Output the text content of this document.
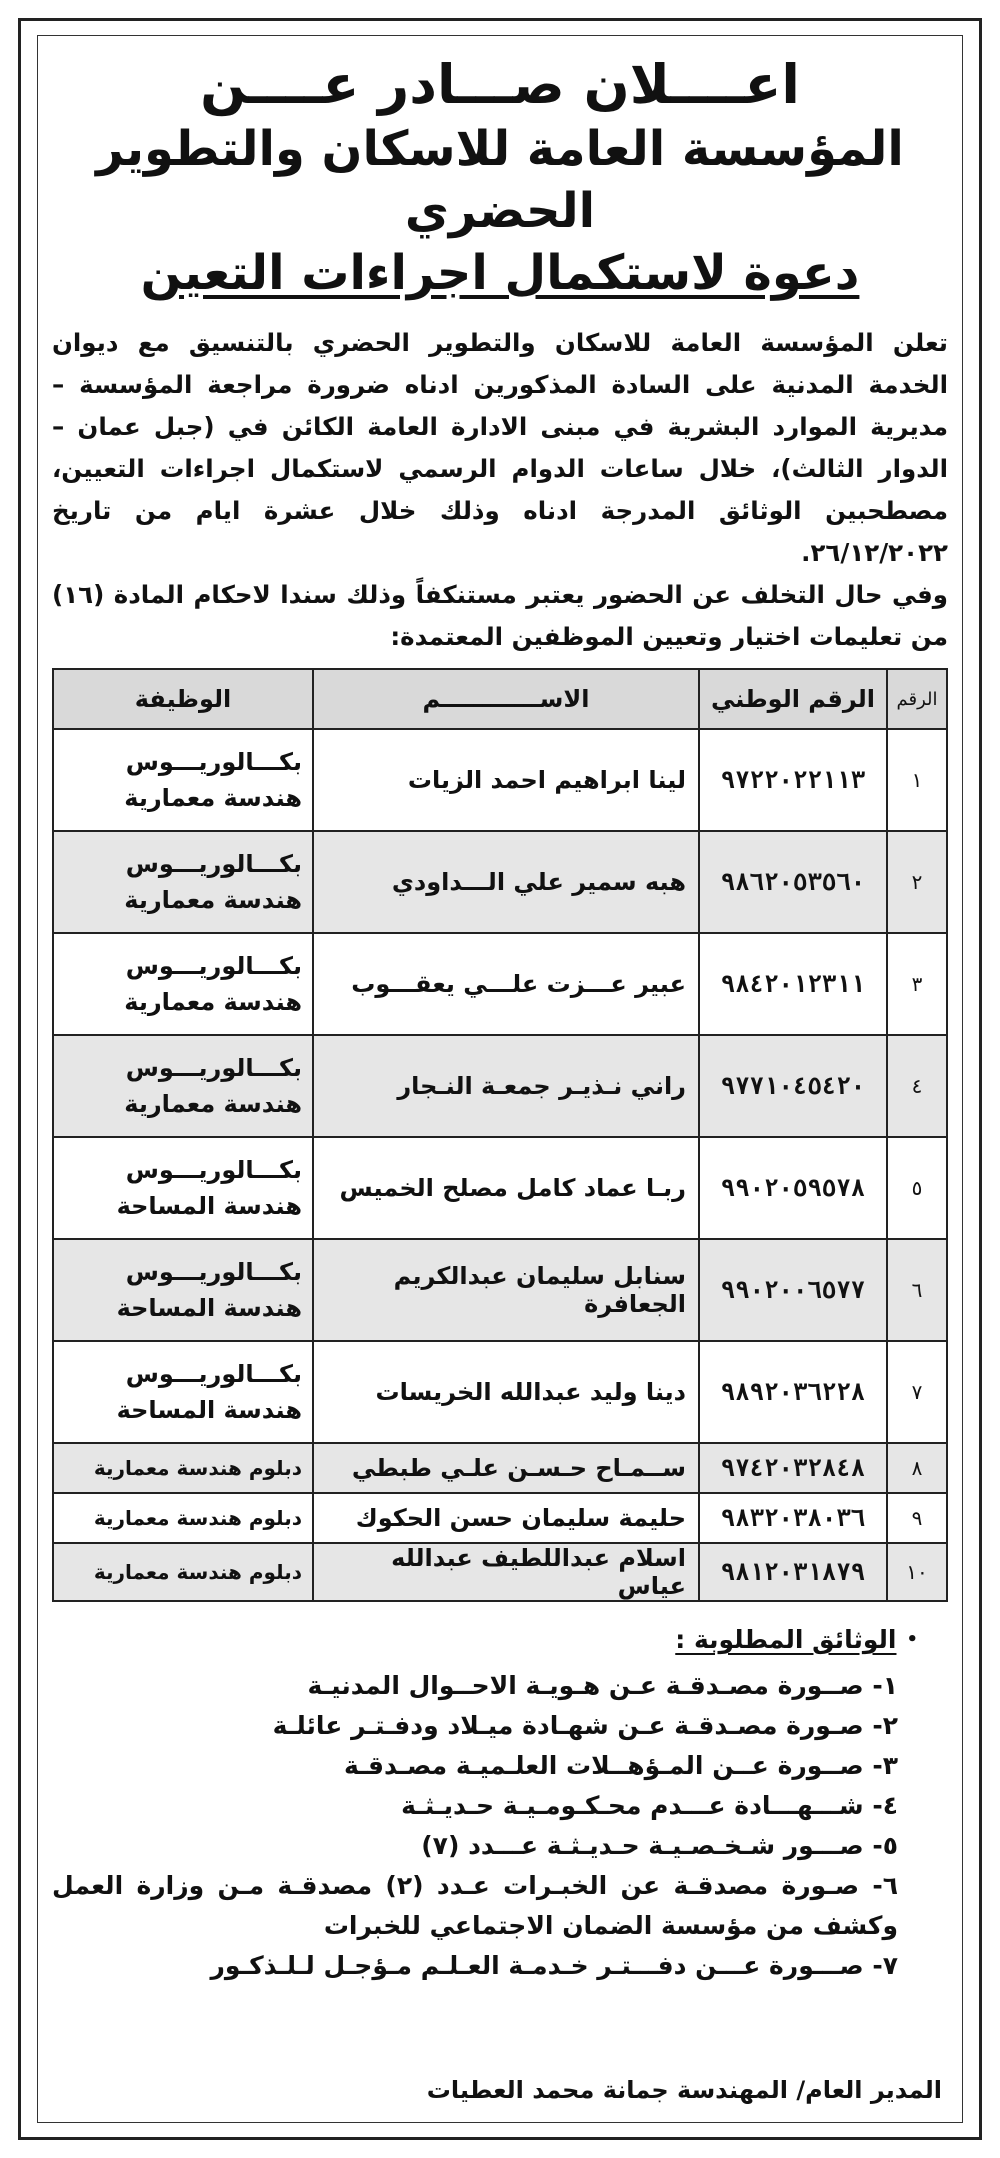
اعــــلان صـــادر عــــن
المؤسسة العامة للاسكان والتطوير الحضري
دعوة لاستكمال اجراءات التعين

تعلن المؤسسة العامة للاسكان والتطوير الحضري بالتنسيق مع ديوان الخدمة المدنية على السادة المذكورين ادناه ضرورة مراجعة المؤسسة – مديرية الموارد البشرية في مبنى الادارة العامة الكائن في (جبل عمان – الدوار الثالث)، خلال ساعات الدوام الرسمي لاستكمال اجراءات التعيين، مصطحبين الوثائق المدرجة ادناه وذلك خلال عشرة ايام من تاريخ ٢٦/١٢/٢٠٢٢.

وفي حال التخلف عن الحضور يعتبر مستنكفاً وذلك سندا لاحكام المادة (١٦) من تعليمات اختيار وتعيين الموظفين المعتمدة:

الرقم	الرقم الوطني	الاســــــــــــم	الوظيفة
١	٩٧٢٢٠٢٢١١٣	لينا ابراهيم احمد الزيات	بكـــالوريـــوس
هندسة معمارية

٢	٩٨٦٢٠٥٣٥٦٠	هبه سمير علي الـــداودي	بكـــالوريـــوس
هندسة معمارية

٣	٩٨٤٢٠١٢٣١١	عبير عـــزت علـــي يعقـــوب	بكـــالوريـــوس
هندسة معمارية

٤	٩٧٧١٠٤٥٤٢٠	راني نـذيـر جمعـة النـجار	بكـــالوريـــوس
هندسة معمارية

٥	٩٩٠٢٠٥٩٥٧٨	ربـا عماد كامل مصلح الخميس	بكـــالوريـــوس
هندسة المساحة

٦	٩٩٠٢٠٠٦٥٧٧	سنابل سليمان عبدالكريم الجعافرة	بكـــالوريـــوس
هندسة المساحة

٧	٩٨٩٢٠٣٦٢٢٨	دينا وليد عبدالله الخريسات	بكـــالوريـــوس
هندسة المساحة

٨	٩٧٤٢٠٣٢٨٤٨	ســمـاح حـسـن علـي طبطي	دبلوم هندسة معمارية
٩	٩٨٣٢٠٣٨٠٣٦	حليمة سليمان حسن الحكوك	دبلوم هندسة معمارية
١٠	٩٨١٢٠٣١٨٧٩	اسلام عبداللطيف عبدالله عياس	دبلوم هندسة معمارية
•
الوثائق المطلوبة :
١- صــورة مصـدقـة عـن هـويـة الاحــوال المدنيـة
٢- صـورة مصـدقـة عـن شهـادة ميـلاد ودفـتـر عائلـة
٣- صــورة عــن المـؤهــلات العلـميـة مصـدقـة
٤- شـــهـــادة عـــدم محـكـومـيـة حـديـثـة
٥- صـــور شـخـصـيـة حـديـثـة عـــدد (٧)
٦- صـورة مصدقـة عن الخبـرات عـدد (٢) مصدقـة مـن وزارة العمل وكشف من مؤسسة الضمان الاجتماعي للخبرات
٧- صـــورة عـــن دفـــتـر خـدمـة العـلـم مـؤجـل لـلـذكـور
المدير العام/ المهندسة جمانة محمد العطيات
